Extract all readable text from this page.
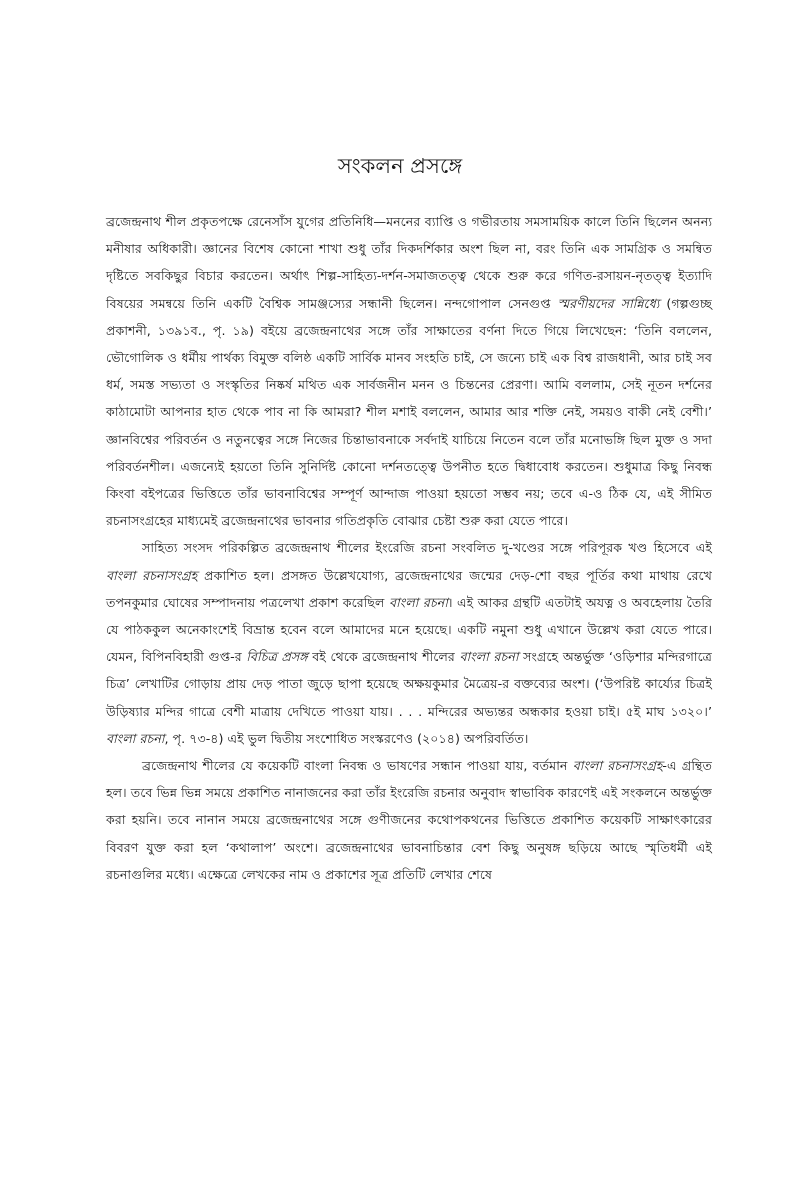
সংকলন প্রসঙ্গে

ব্রজেন্দ্রনাথ শীল প্রকৃতপক্ষে রেনেসাঁস যুগের প্রতিনিধি—মননের ব্যাপ্তি ও গভীরতায় সমসাময়িক কালে তিনি ছিলেন অনন্য মনীষার অধিকারী। জ্ঞানের বিশেষ কোনো শাখা শুধু তাঁর দিকদর্শিকার অংশ ছিল না, বরং তিনি এক সামগ্রিক ও সমন্বিত দৃষ্টিতে সবকিছুর বিচার করতেন। অর্থাৎ শিল্প-সাহিত্য-দর্শন-সমাজতত্ত্ব থেকে শুরু করে গণিত-রসায়ন-নৃতত্ত্ব ইত্যাদি বিষয়ের সমন্বয়ে তিনি একটি বৈশ্বিক সামঞ্জস্যের সন্ধানী ছিলেন। নন্দগোপাল সেনগুপ্ত স্মরণীয়দের সান্নিধ্যে (গল্পগুচ্ছ প্রকাশনী, ১৩৯১ব., পৃ. ১৯) বইয়ে ব্রজেন্দ্রনাথের সঙ্গে তাঁর সাক্ষাতের বর্ণনা দিতে গিয়ে লিখেছেন: ‘তিনি বললেন, ভৌগোলিক ও ধর্মীয় পার্থক্য বিমুক্ত বলিষ্ঠ একটি সার্বিক মানব সংহতি চাই, সে জন্যে চাই এক বিশ্ব রাজধানী, আর চাই সব ধর্ম, সমস্ত সভ্যতা ও সংস্কৃতির নিষ্কর্ষ মথিত এক সার্বজনীন মনন ও চিন্তনের প্রেরণা। আমি বললাম, সেই নূতন দর্শনের কাঠামোটা আপনার হাত থেকে পাব না কি আমরা? শীল মশাই বললেন, আমার আর শক্তি নেই, সময়ও বাকী নেই বেশী।’ জ্ঞানবিশ্বের পরিবর্তন ও নতুনত্বের সঙ্গে নিজের চিন্তাভাবনাকে সর্বদাই যাচিয়ে নিতেন বলে তাঁর মনোভঙ্গি ছিল মুক্ত ও সদা পরিবর্তনশীল। এজন্যেই হয়তো তিনি সুনির্দিষ্ট কোনো দর্শনতত্ত্বে উপনীত হতে দ্বিধাবোধ করতেন। শুধুমাত্র কিছু নিবন্ধ কিংবা বইপত্রের ভিত্তিতে তাঁর ভাবনাবিশ্বের সম্পূর্ণ আন্দাজ পাওয়া হয়তো সম্ভব নয়; তবে এ-ও ঠিক যে, এই সীমিত রচনাসংগ্রহের মাধ্যমেই ব্রজেন্দ্রনাথের ভাবনার গতিপ্রকৃতি বোঝার চেষ্টা শুরু করা যেতে পারে।

সাহিত্য সংসদ পরিকল্পিত ব্রজেন্দ্রনাথ শীলের ইংরেজি রচনা সংবলিত দু-খণ্ডের সঙ্গে পরিপূরক খণ্ড হিসেবে এই বাংলা রচনাসংগ্রহ প্রকাশিত হল। প্রসঙ্গত উল্লেখযোগ্য, ব্রজেন্দ্রনাথের জন্মের দেড়-শো বছর পূর্তির কথা মাথায় রেখে তপনকুমার ঘোষের সম্পাদনায় পত্রলেখা প্রকাশ করেছিল বাংলা রচনা। এই আকর গ্রন্থটি এতটাই অযত্ন ও অবহেলায় তৈরি যে পাঠককুল অনেকাংশেই বিভ্রান্ত হবেন বলে আমাদের মনে হয়েছে। একটি নমুনা শুধু এখানে উল্লেখ করা যেতে পারে। যেমন, বিপিনবিহারী গুপ্ত-র বিচিত্র প্রসঙ্গ বই থেকে ব্রজেন্দ্রনাথ শীলের বাংলা রচনা সংগ্রহে অন্তর্ভুক্ত ‘ওড়িশার মন্দিরগাত্রে চিত্র’ লেখাটির গোড়ায় প্রায় দেড় পাতা জুড়ে ছাপা হয়েছে অক্ষয়কুমার মৈত্রেয়-র বক্তব্যের অংশ। (‘উপরিষ্ট কার্য্যের চিত্রই উড়িষ্যার মন্দির গাত্রে বেশী মাত্রায় দেখিতে পাওয়া যায়। . . . মন্দিরের অভ্যন্তর অন্ধকার হওয়া চাই। ৫ই মাঘ ১৩২০।’ বাংলা রচনা, পৃ. ৭৩-৪) এই ভুল দ্বিতীয় সংশোধিত সংস্করণেও (২০১৪) অপরিবর্তিত।

ব্রজেন্দ্রনাথ শীলের যে কয়েকটি বাংলা নিবন্ধ ও ভাষণের সন্ধান পাওয়া যায়, বর্তমান বাংলা রচনাসংগ্রহ-এ গ্রন্থিত হল। তবে ভিন্ন ভিন্ন সময়ে প্রকাশিত নানাজনের করা তাঁর ইংরেজি রচনার অনুবাদ স্বাভাবিক কারণেই এই সংকলনে অন্তর্ভুক্ত করা হয়নি। তবে নানান সময়ে ব্রজেন্দ্রনাথের সঙ্গে গুণীজনের কথোপকথনের ভিত্তিতে প্রকাশিত কয়েকটি সাক্ষাৎকারের বিবরণ যুক্ত করা হল ‘কথালাপ’ অংশে। ব্রজেন্দ্রনাথের ভাবনাচিন্তার বেশ কিছু অনুষঙ্গ ছড়িয়ে আছে স্মৃতিধর্মী এই রচনাগুলির মধ্যে। এক্ষেত্রে লেখকের নাম ও প্রকাশের সূত্র প্রতিটি লেখার শেষে
